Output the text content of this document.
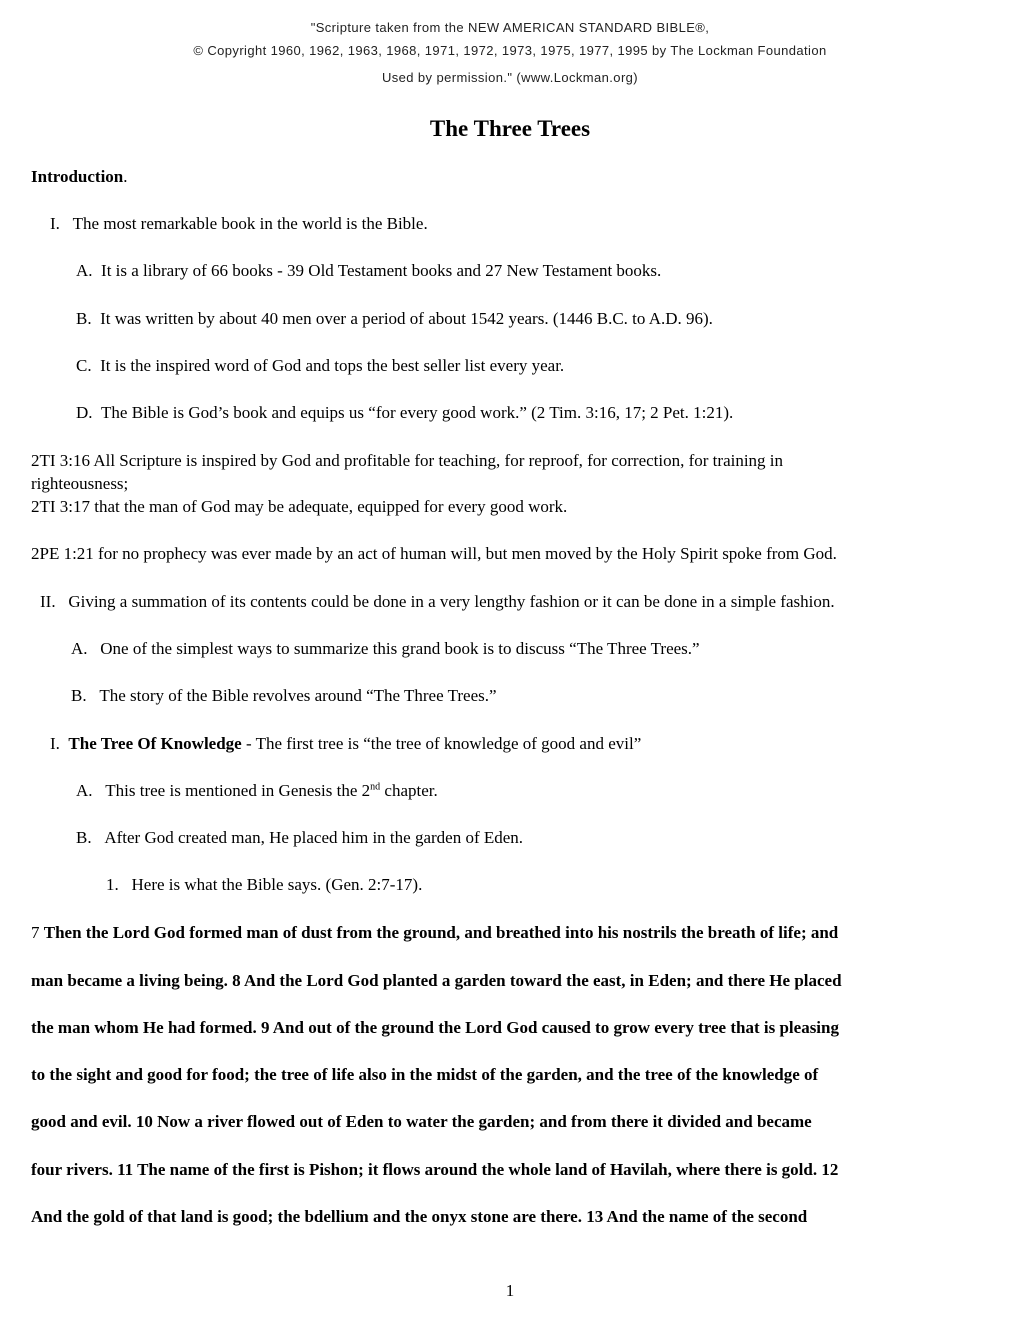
"Scripture taken from the NEW AMERICAN STANDARD BIBLE®,
© Copyright 1960, 1962, 1963, 1968, 1971, 1972, 1973, 1975, 1977, 1995 by The Lockman Foundation
Used by permission." (www.Lockman.org)
The Three Trees
Introduction.
I. The most remarkable book in the world is the Bible.
A. It is a library of 66 books - 39 Old Testament books and 27 New Testament books.
B. It was written by about 40 men over a period of about 1542 years. (1446 B.C. to A.D. 96).
C. It is the inspired word of God and tops the best seller list every year.
D. The Bible is God’s book and equips us “for every good work.” (2 Tim. 3:16, 17; 2 Pet. 1:21).
2TI 3:16 All Scripture is inspired by God and profitable for teaching, for reproof, for correction, for training in
righteousness;
2TI 3:17 that the man of God may be adequate, equipped for every good work.
2PE 1:21 for no prophecy was ever made by an act of human will, but men moved by the Holy Spirit spoke from God.
II. Giving a summation of its contents could be done in a very lengthy fashion or it can be done in a simple fashion.
A. One of the simplest ways to summarize this grand book is to discuss “The Three Trees.”
B. The story of the Bible revolves around “The Three Trees.”
I. The Tree Of Knowledge - The first tree is “the tree of knowledge of good and evil”
A. This tree is mentioned in Genesis the 2nd chapter.
B. After God created man, He placed him in the garden of Eden.
1. Here is what the Bible says. (Gen. 2:7-17).
7 Then the Lord God formed man of dust from the ground, and breathed into his nostrils the breath of life; and
man became a living being. 8 And the Lord God planted a garden toward the east, in Eden; and there He placed
the man whom He had formed. 9 And out of the ground the Lord God caused to grow every tree that is pleasing
to the sight and good for food; the tree of life also in the midst of the garden, and the tree of the knowledge of
good and evil. 10 Now a river flowed out of Eden to water the garden; and from there it divided and became
four rivers. 11 The name of the first is Pishon; it flows around the whole land of Havilah, where there is gold. 12
And the gold of that land is good; the bdellium and the onyx stone are there. 13 And the name of the second
1
